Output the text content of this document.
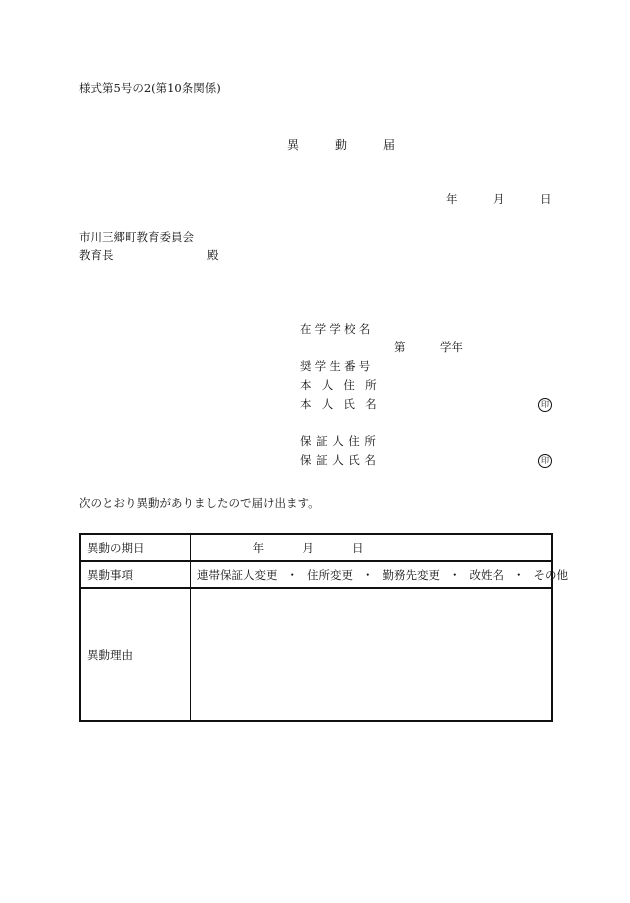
様式第5号の2(第10条関係)
異　動　届
年	月	日
市川三郷町教育委員会
教育長	殿
在学学校名
第	学年
奨学生番号
本人住所
本人氏名	印
保証人住所
保証人氏名	印
次のとおり異動がありましたので届け出ます。
異動の期日	年 月 日
異動事項	連帯保証人変更 ・ 住所変更 ・ 勤務先変更 ・ 改姓名 ・ その他
異動理由	
